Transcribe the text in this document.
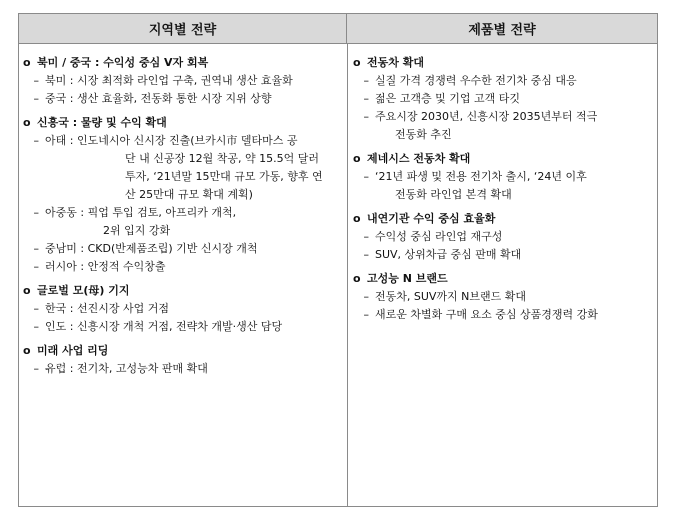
지역별 전략	제품별 전략
o 북미 / 중국 : 수익성 중심 V자 회복
– 북미 : 시장 최적화 라인업 구축, 권역내 생산 효율화
– 중국 : 생산 효율화, 전동화 통한 시장 지위 상향
o 신흥국 : 물량 및 수익 확대
– 아태 : 인도네시아 신시장 진출(브카시市 델타마스 공
단 내 신공장 12월 착공, 약 15.5억 달러
투자, ‘21년말 15만대 규모 가동, 향후 연
산 25만대 규모 확대 계획)
– 아중동 : 픽업 투입 검토, 아프리카 개척,
2위 입지 강화
– 중남미 : CKD(반제품조립) 기반 신시장 개척
– 러시아 : 안정적 수익창출
o 글로벌 모(母) 기지
– 한국 : 선진시장 사업 거점
– 인도 : 신흥시장 개척 거점, 전략차 개발·생산 담당
o 미래 사업 리딩
– 유럽 : 전기차, 고성능차 판매 확대
o 전동차 확대
– 실질 가격 경쟁력 우수한 전기차 중심 대응
– 젊은 고객층 및 기업 고객 타깃
– 주요시장 2030년, 신흥시장 2035년부터 적극
전동화 추진
o 제네시스 전동차 확대
– ‘21년 파생 및 전용 전기차 출시, ‘24년 이후
전동화 라인업 본격 확대
o 내연기관 수익 중심 효율화
– 수익성 중심 라인업 재구성
– SUV, 상위차급 중심 판매 확대
o 고성능 N 브랜드
– 전동차, SUV까지 N브랜드 확대
– 새로운 차별화 구매 요소 중심 상품경쟁력 강화
